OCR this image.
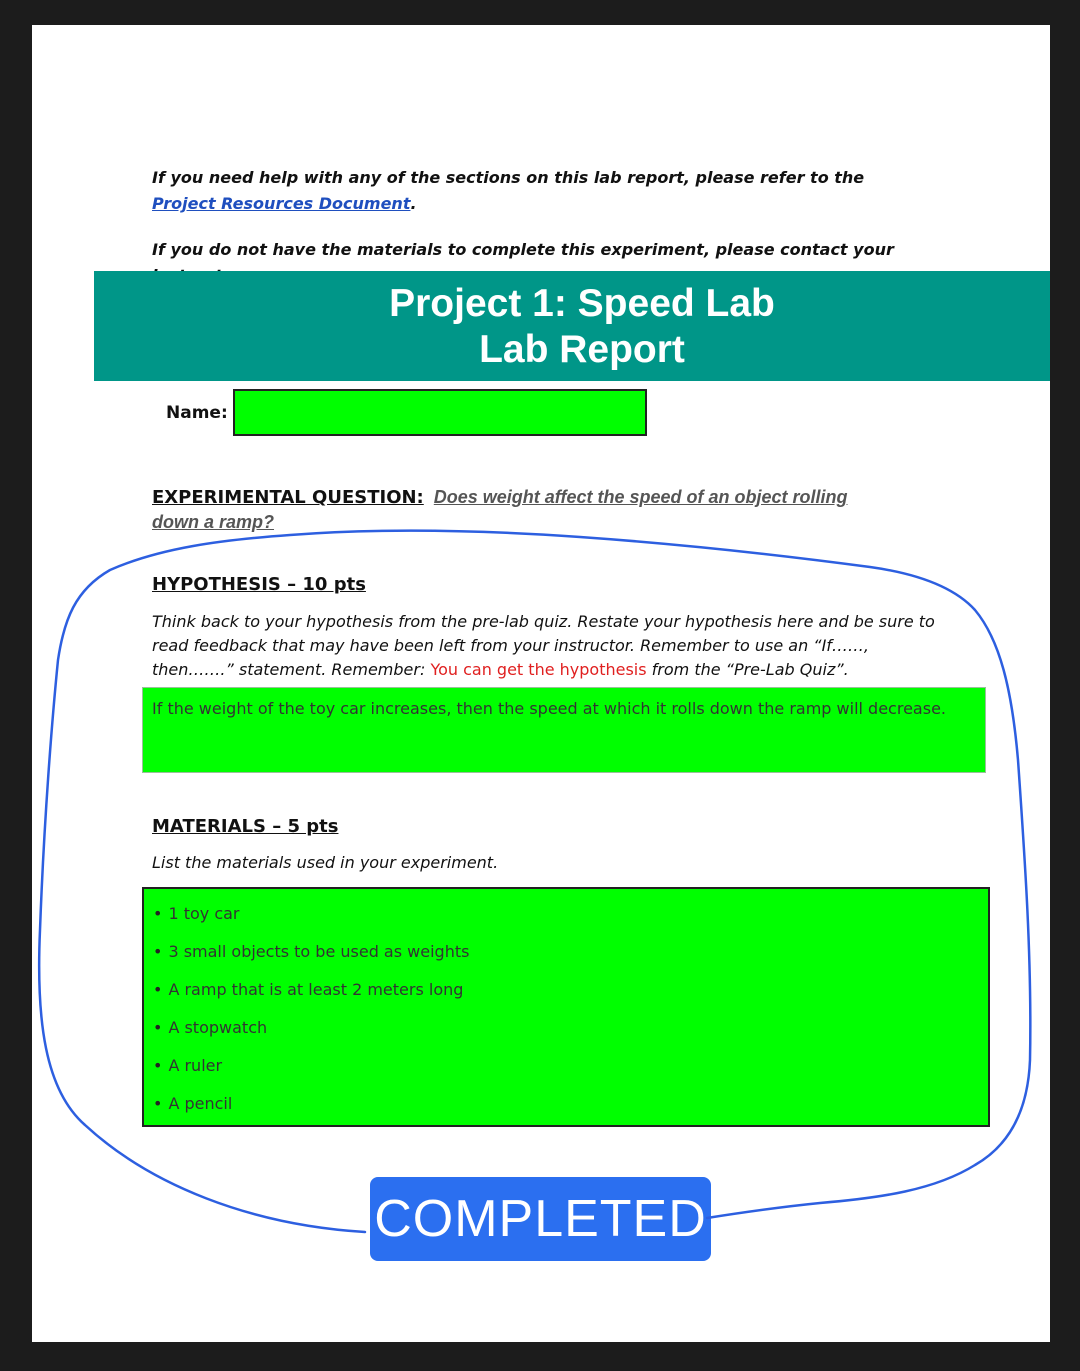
If you need help with any of the sections on this lab report, please refer to the Project Resources Document.
If you do not have the materials to complete this experiment, please contact your
Project 1: Speed Lab
Lab Report
Name:
EXPERIMENTAL QUESTION: Does weight affect the speed of an object rolling
down a ramp?
HYPOTHESIS – 10 pts
Think back to your hypothesis from the pre-lab quiz. Restate your hypothesis here and be sure to
read feedback that may have been left from your instructor. Remember to use an “If……,
then…….” statement. Remember: You can get the hypothesis from the “Pre-Lab Quiz”.
If the weight of the toy car increases, then the speed at which it rolls down the ramp will decrease.
MATERIALS – 5 pts
List the materials used in your experiment.
• 1 toy car
• 3 small objects to be used as weights
• A ramp that is at least 2 meters long
• A stopwatch
• A ruler
• A pencil
COMPLETED
